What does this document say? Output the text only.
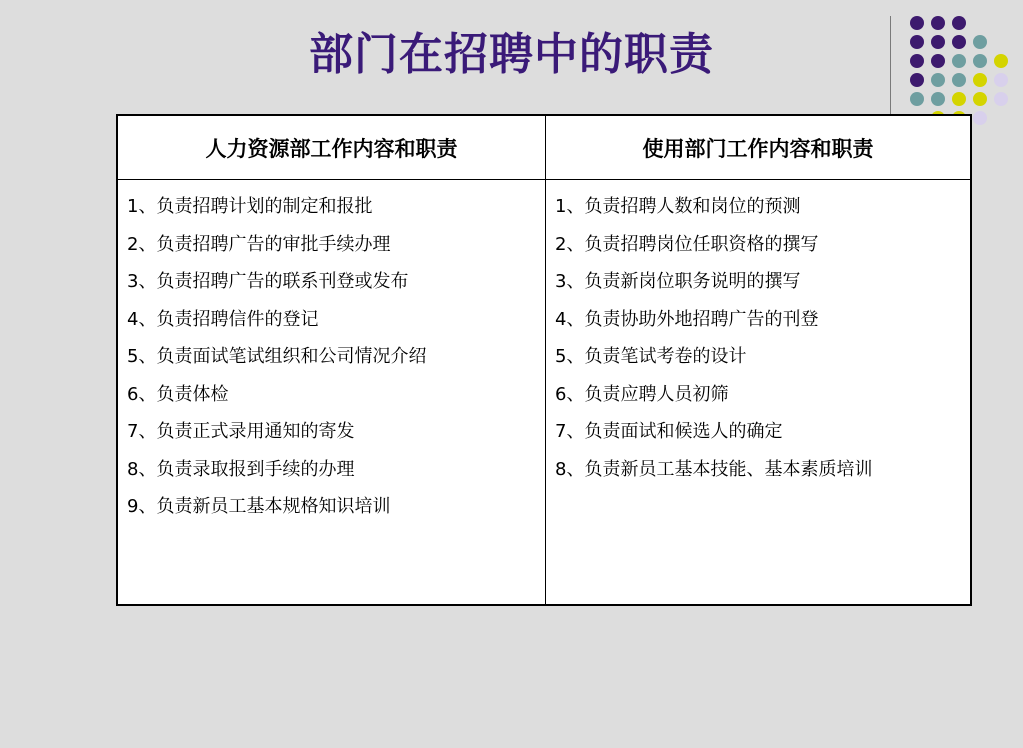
部门在招聘中的职责
人力资源部工作内容和职责	使用部门工作内容和职责
1、负责招聘计划的制定和报批
2、负责招聘广告的审批手续办理
3、负责招聘广告的联系刊登或发布
4、负责招聘信件的登记
5、负责面试笔试组织和公司情况介绍
6、负责体检
7、负责正式录用通知的寄发
8、负责录取报到手续的办理
9、负责新员工基本规格知识培训
1、负责招聘人数和岗位的预测
2、负责招聘岗位任职资格的撰写
3、负责新岗位职务说明的撰写
4、负责协助外地招聘广告的刊登
5、负责笔试考卷的设计
6、负责应聘人员初筛
7、负责面试和候选人的确定
8、负责新员工基本技能、基本素质培训
